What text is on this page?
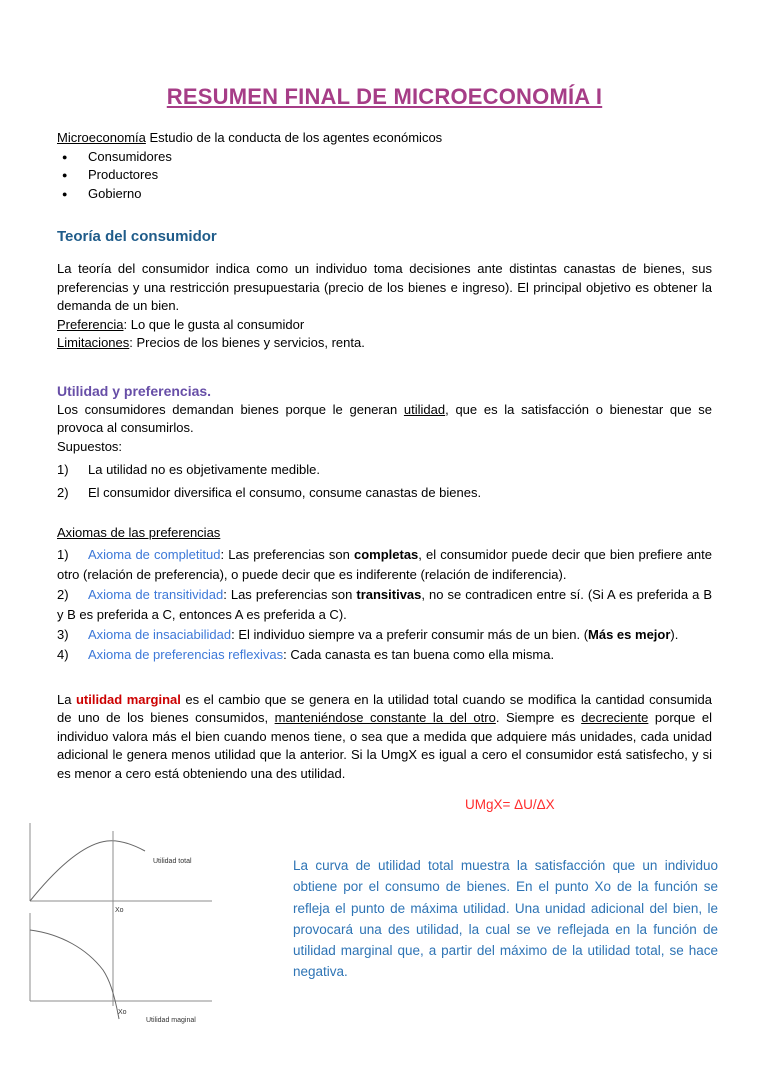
RESUMEN FINAL DE MICROECONOMÍA I

Microeconomía Estudio de la conducta de los agentes económicos

●	Consumidores
●	Productores
●	Gobierno
Teoría del consumidor

La teoría del consumidor indica como un individuo toma decisiones ante distintas canastas de bienes, sus preferencias y una restricción presupuestaria (precio de los bienes e ingreso). El principal objetivo es obtener la demanda de un bien.

Preferencia: Lo que le gusta al consumidor

Limitaciones: Precios de los bienes y servicios, renta.

Utilidad y preferencias.

Los consumidores demandan bienes porque le generan utilidad, que es la satisfacción o bienestar que se provoca al consumirlos.

Supuestos:

1)	La utilidad no es objetivamente medible.
2)	El consumidor diversifica el consumo, consume canastas de bienes.

Axiomas de las preferencias

1) Axioma de completitud: Las preferencias son completas, el consumidor puede decir que bien prefiere ante otro (relación de preferencia), o puede decir que es indiferente (relación de indiferencia).

2) Axioma de transitividad: Las preferencias son transitivas, no se contradicen entre sí. (Si A es preferida a B y B es preferida a C, entonces A es preferida a C).

3) Axioma de insaciabilidad: El individuo siempre va a preferir consumir más de un bien. (Más es mejor).

4) Axioma de preferencias reflexivas: Cada canasta es tan buena como ella misma.

La utilidad marginal es el cambio que se genera en la utilidad total cuando se modifica la cantidad consumida de uno de los bienes consumidos, manteniéndose constante la del otro. Siempre es decreciente porque el individuo valora más el bien cuando menos tiene, o sea que a medida que adquiere más unidades, cada unidad adicional le genera menos utilidad que la anterior. Si la UmgX es igual a cero el consumidor está satisfecho, y si es menor a cero está obteniendo una des utilidad.

UMgX= ΔU/ΔX

Utilidad total
Xo
Xo
Utilidad maginal

La curva de utilidad total muestra la satisfacción que un individuo obtiene por el consumo de bienes. En el punto Xo de la función se refleja el punto de máxima utilidad. Una unidad adicional del bien, le provocará una des utilidad, la cual se ve reflejada en la función de utilidad marginal que, a partir del máximo de la utilidad total, se hace negativa.
